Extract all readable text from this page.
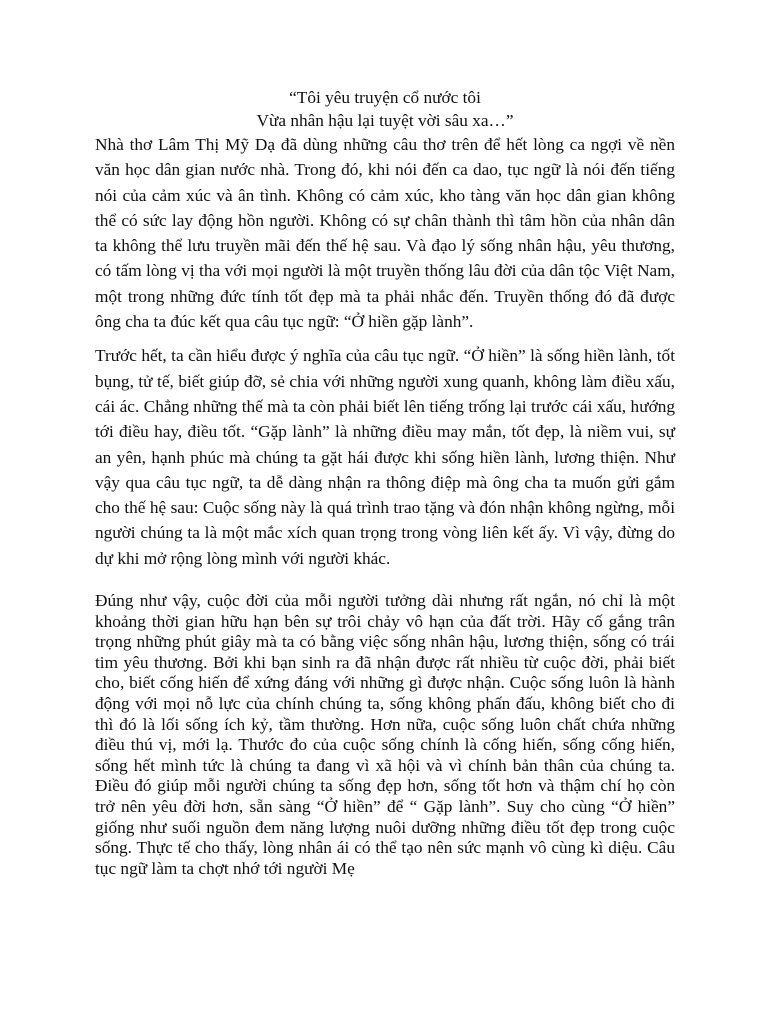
“Tôi yêu truyện cổ nước tôi

Vừa nhân hậu lại tuyệt vời sâu xa…”

Nhà thơ Lâm Thị Mỹ Dạ đã dùng những câu thơ trên để hết lòng ca ngợi về nền văn học dân gian nước nhà. Trong đó, khi nói đến ca dao, tục ngữ là nói đến tiếng nói của cảm xúc và ân tình. Không có cảm xúc, kho tàng văn học dân gian không thể có sức lay động hồn người. Không có sự chân thành thì tâm hồn của nhân dân ta không thể lưu truyền mãi đến thế hệ sau. Và đạo lý sống nhân hậu, yêu thương, có tấm lòng vị tha với mọi người là một truyền thống lâu đời của dân tộc Việt Nam, một trong những đức tính tốt đẹp mà ta phải nhắc đến. Truyền thống đó đã được ông cha ta đúc kết qua câu tục ngữ: “Ở hiền gặp lành”.

Trước hết, ta cần hiểu được ý nghĩa của câu tục ngữ. “Ở hiền” là sống hiền lành, tốt bụng, tử tế, biết giúp đỡ, sẻ chia với những người xung quanh, không làm điều xấu, cái ác. Chẳng những thế mà ta còn phải biết lên tiếng trống lại trước cái xấu, hướng tới điều hay, điều tốt. “Gặp lành” là những điều may mắn, tốt đẹp, là niềm vui, sự an yên, hạnh phúc mà chúng ta gặt hái được khi sống hiền lành, lương thiện. Như vậy qua câu tục ngữ, ta dễ dàng nhận ra thông điệp mà ông cha ta muốn gửi gắm cho thế hệ sau: Cuộc sống này là quá trình trao tặng và đón nhận không ngừng, mỗi người chúng ta là một mắc xích quan trọng trong vòng liên kết ấy. Vì vậy, đừng do dự khi mở rộng lòng mình với người khác.

Đúng như vậy, cuộc đời của mỗi người tưởng dài nhưng rất ngắn, nó chỉ là một khoảng thời gian hữu hạn bên sự trôi chảy vô hạn của đất trời. Hãy cố gắng trân trọng những phút giây mà ta có bằng việc sống nhân hậu, lương thiện, sống có trái tim yêu thương. Bởi khi bạn sinh ra đã nhận được rất nhiều từ cuộc đời, phải biết cho, biết cống hiến để xứng đáng với những gì được nhận. Cuộc sống luôn là hành động với mọi nỗ lực của chính chúng ta, sống không phấn đấu, không biết cho đi thì đó là lối sống ích kỷ, tầm thường. Hơn nữa, cuộc sống luôn chất chứa những điều thú vị, mới lạ. Thước đo của cuộc sống chính là cống hiến, sống cống hiến, sống hết mình tức là chúng ta đang vì xã hội và vì chính bản thân của chúng ta. Điều đó giúp mỗi người chúng ta sống đẹp hơn, sống tốt hơn và thậm chí họ còn trở nên yêu đời hơn, sẵn sàng “Ở hiền” để “ Gặp lành”. Suy cho cùng “Ở hiền” giống như suối nguồn đem năng lượng nuôi dưỡng những điều tốt đẹp trong cuộc sống. Thực tế cho thấy, lòng nhân ái có thể tạo nên sức mạnh vô cùng kì diệu. Câu tục ngữ làm ta chợt nhớ tới người Mẹ
